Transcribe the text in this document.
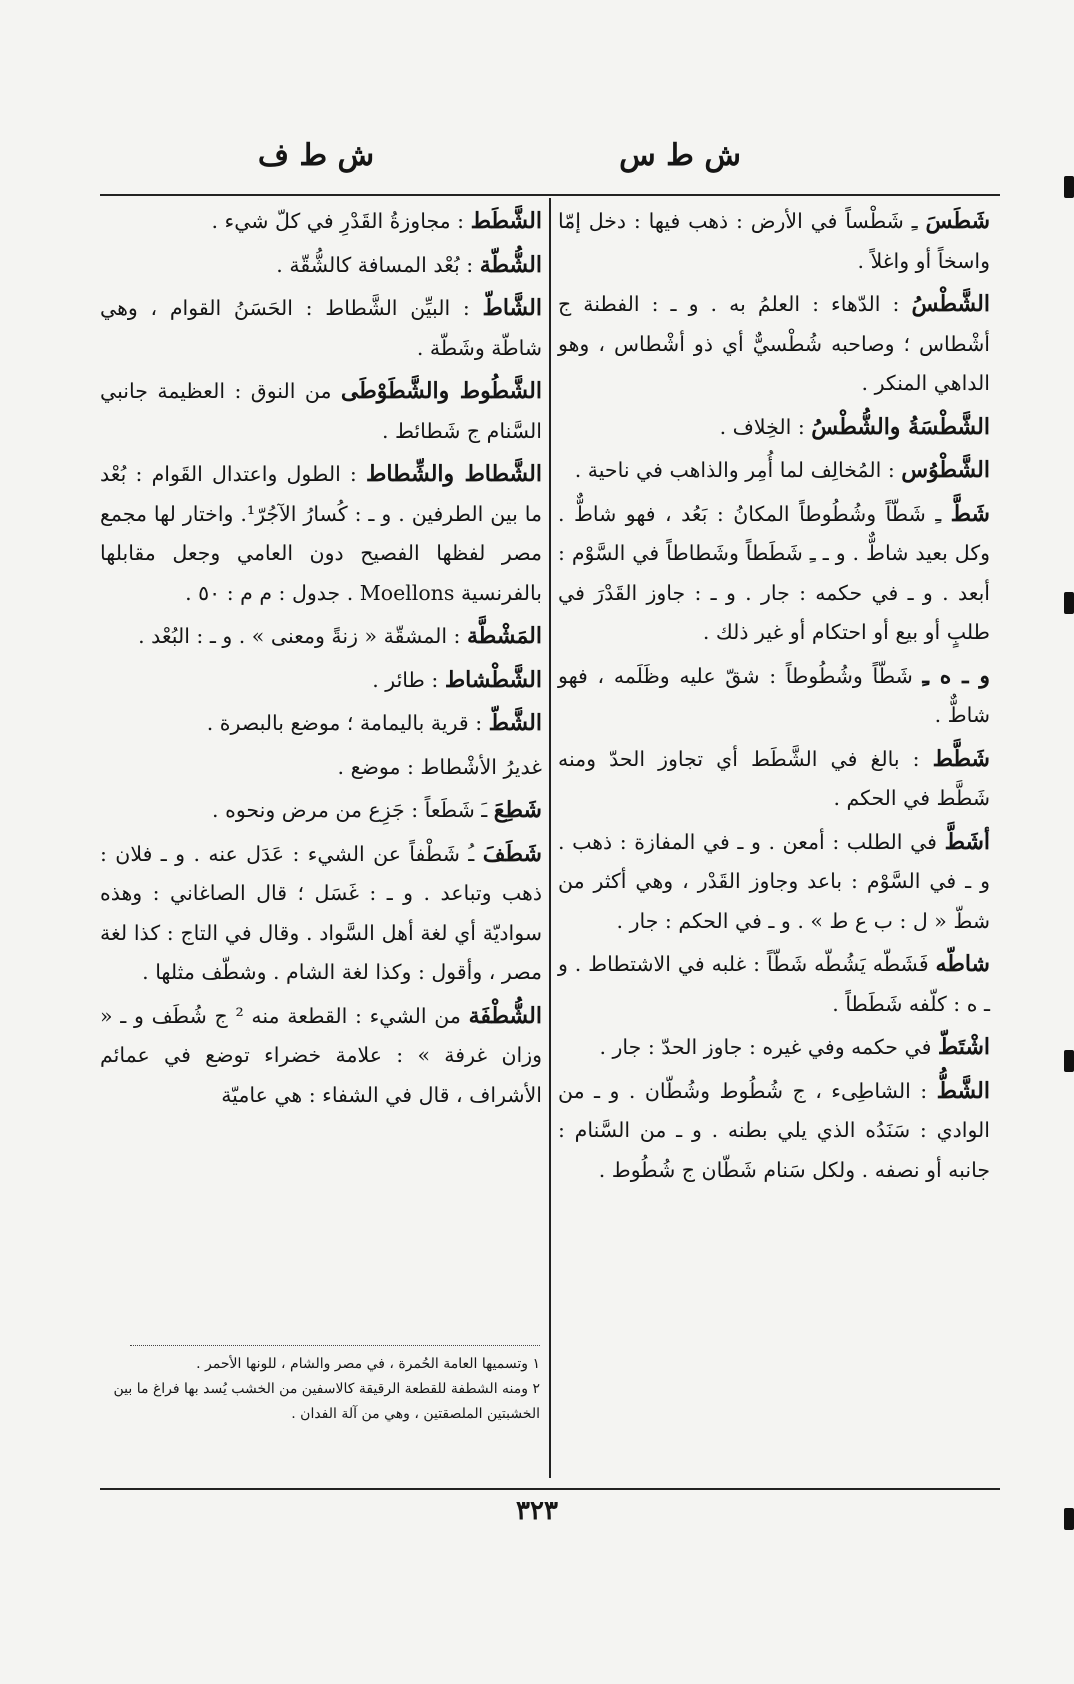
ش ط س
ش ط ف

شَطَسَ ـِ شَطْساً في الأرض : ذهب فيها : دخل إمّا واسخاً أو واغلاً .

الشَّطْسُ : الدّهاء : العلمُ به . و ـ : الفطنة ج أشْطاس ؛ وصاحبه شُطْسيٌّ أي ذو أشْطاس ، وهو الداهي المنكر .

الشَّطْسَةُ والشُّطْسُ : الخِلاف .

الشَّطْوُس : المُخالِف لما أُمِر والذاهب في ناحية .

شَطَّ ـِ شَطّاً وشُطُوطاً المكانُ : بَعُد ، فهو شاطٌّ . وكل بعيد شاطٌّ . و ـ ـِ شَطَطاً وشَطاطاً في السَّوْم : أبعد . و ـ في حكمه : جار . و ـ : جاوز القَدْرَ في طلبٍ أو بيع أو احتكام أو غير ذلك .

و ـ ه ـِ شَطّاً وشُطُوطاً : شقّ عليه وظَلَمه ، فهو شاطٌّ .

شَطَّط : بالغ في الشَّطَط أي تجاوز الحدّ ومنه شَطَّط في الحكم .

أشَطَّ في الطلب : أمعن . و ـ في المفازة : ذهب . و ـ في السَّوْم : باعد وجاوز القَدْر ، وهي أكثر من شطّ « ل : ب ع ط » . و ـ في الحكم : جار .

شاطّه فَشَطّه يَشُطّه شَطّاً : غلبه في الاشتطاط . و ـ ه : كلّفه شَطَطاً .

اشْتَطّ في حكمه وفي غيره : جاوز الحدّ : جار .

الشَّطُّ : الشاطِىء ، ج شُطُوط وشُطّان . و ـ من الوادي : سَنَدُه الذي يلي بطنه . و ـ من السَّنام : جانبه أو نصفه . ولكل سَنام شَطّان ج شُطُوط .

الشَّطَط : مجاوزةُ القَدْرِ في كلّ شيء .

الشُّطّة : بُعْد المسافة كالشُّقّة .

الشَّاطّ : البيِّن الشَّطاط : الحَسَنُ القوام ، وهي شاطّة وشَطّة .

الشَّطُوط والشَّطَوْطَى من النوق : العظيمة جانبي السَّنام ج شَطائط .

الشَّطاط والشِّطاط : الطول واعتدال القَوام : بُعْد ما بين الطرفين . و ـ : كُسارُ الآجُرّ¹. واختار لها مجمع مصر لفظها الفصيح دون العامي وجعل مقابلها بالفرنسية Moellons . جدول : م م : ٥٠ .

المَشْطَّة : المشقّة « زنةً ومعنى » . و ـ : البُعْد .

الشَّطْشاط : طائر .

الشَّطّ : قرية باليمامة ؛ موضع بالبصرة .

غديرُ الأشْطاط : موضع .

شَطِعَ ـَ شَطَعاً : جَزِع من مرض ونحوه .

شَطَفَ ـُ شَطْفاً عن الشيء : عَدَل عنه . و ـ فلان : ذهب وتباعد . و ـ : غَسَل ؛ قال الصاغاني : وهذه سواديّة أي لغة أهل السَّواد . وقال في التاج : كذا لغة مصر ، وأقول : وكذا لغة الشام . وشطّف مثلها .

الشُّطْفَة من الشيء : القطعة منه ² ج شُطَف و ـ « وزان غرفة » : علامة خضراء توضع في عمائم الأشراف ، قال في الشفاء : هي عاميّة

١ وتسميها العامة الحُمرة ، في مصر والشام ، للونها الأحمر .
٢ ومنه الشطفة للقطعة الرقيقة كالاسفين من الخشب يُسد بها فراغ ما بين الخشبتين الملصقتين ، وهي من آلة الفدان .
٣٢٣
